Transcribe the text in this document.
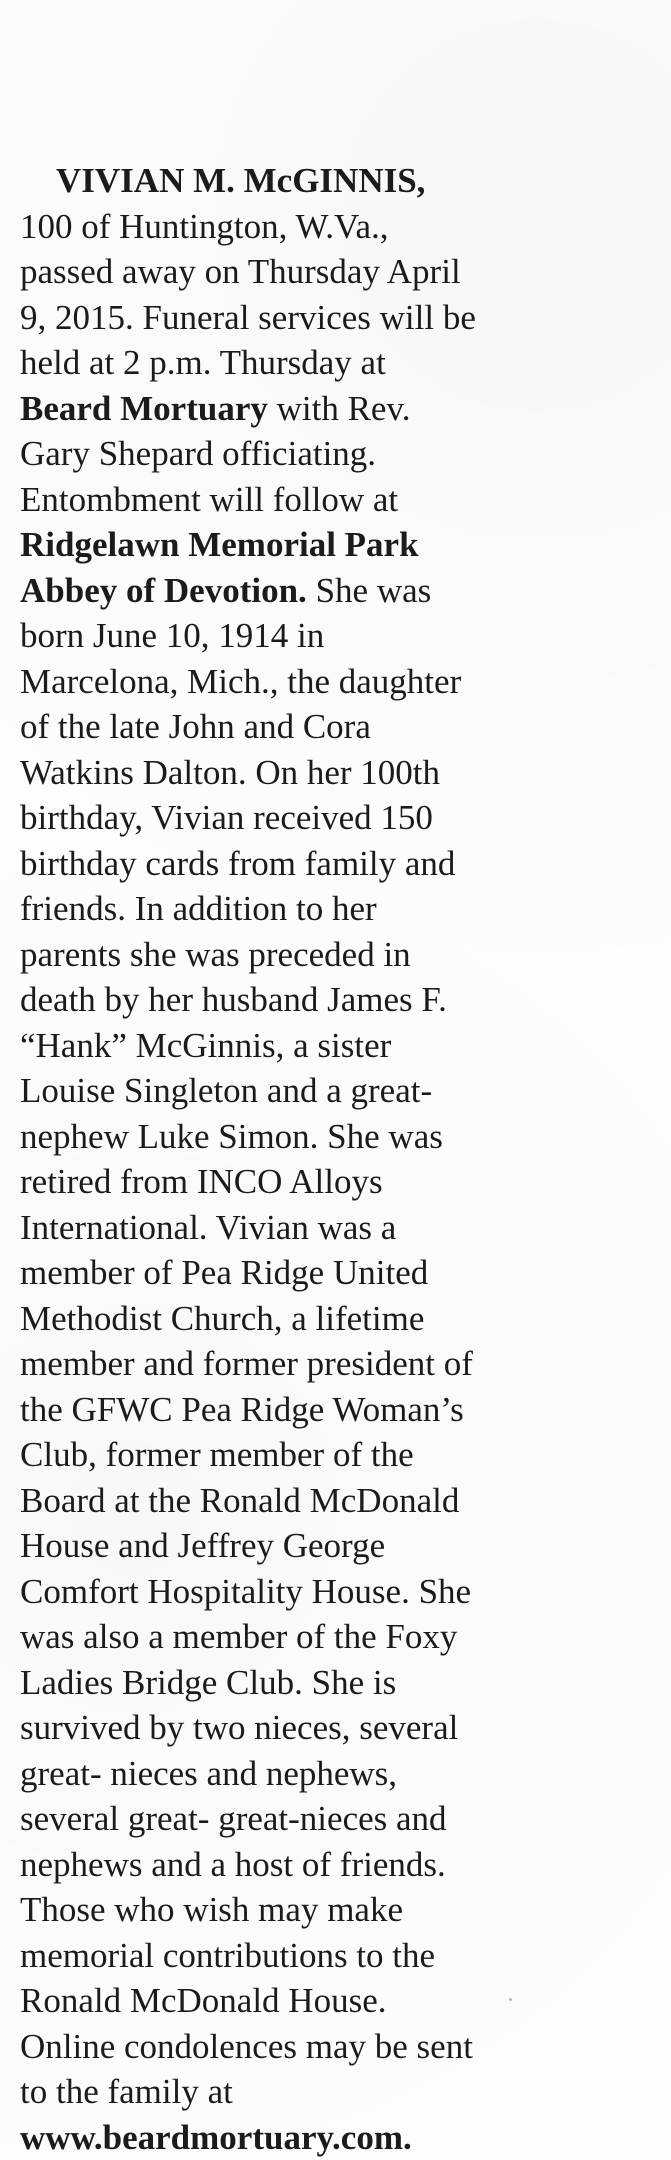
VIVIAN M. McGINNIS,
100 of Huntington, W.Va.,
passed away on Thursday April
9, 2015. Funeral services will be
held at 2 p.m. Thursday at
Beard Mortuary with Rev.
Gary Shepard officiating.
Entombment will follow at
Ridgelawn Memorial Park
Abbey of Devotion. She was
born June 10, 1914 in
Marcelona, Mich., the daughter
of the late John and Cora
Watkins Dalton. On her 100th
birthday, Vivian received 150
birthday cards from family and
friends. In addition to her
parents she was preceded in
death by her husband James F.
“Hank” McGinnis, a sister
Louise Singleton and a great-
nephew Luke Simon. She was
retired from INCO Alloys
International. Vivian was a
member of Pea Ridge United
Methodist Church, a lifetime
member and former president of
the GFWC Pea Ridge Woman’s
Club, former member of the
Board at the Ronald McDonald
House and Jeffrey George
Comfort Hospitality House. She
was also a member of the Foxy
Ladies Bridge Club. She is
survived by two nieces, several
great- nieces and nephews,
several great- great-nieces and
nephews and a host of friends.
Those who wish may make
memorial contributions to the
Ronald McDonald House.
Online condolences may be sent
to the family at
www.beardmortuary.com.
